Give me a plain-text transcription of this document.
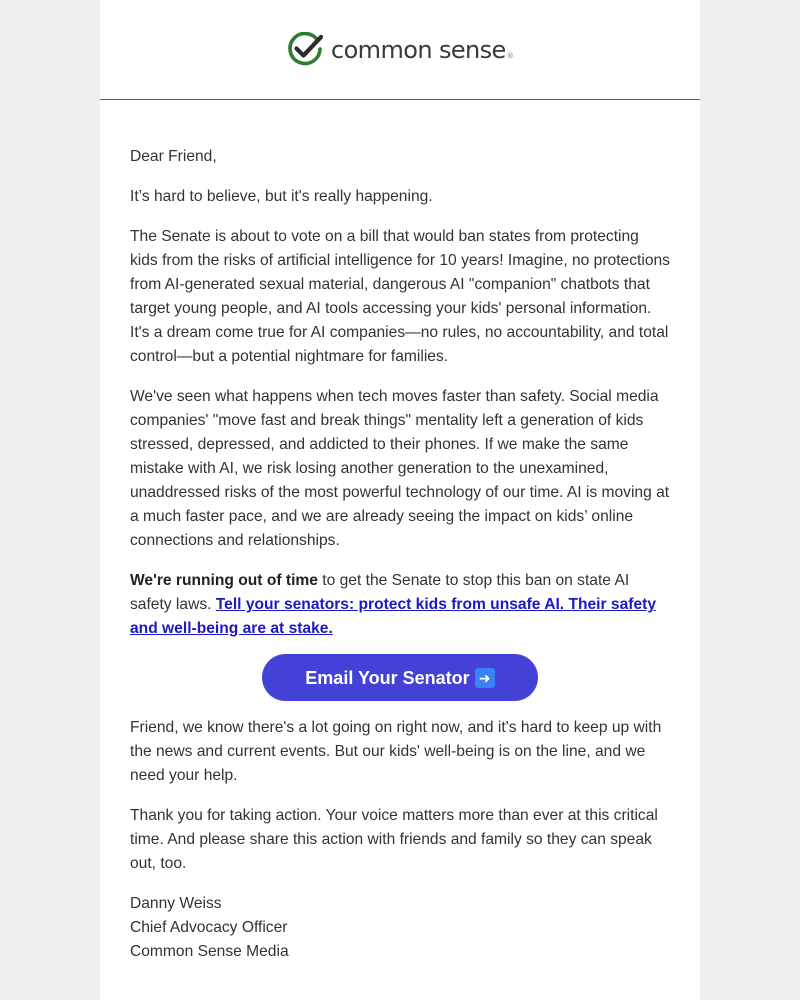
common sense®

Dear Friend,

It’s hard to believe, but it's really happening.

The Senate is about to vote on a bill that would ban states from protecting kids from the risks of artificial intelligence for 10 years! Imagine, no protections from AI-generated sexual material, dangerous AI "companion" chatbots that target young people, and AI tools accessing your kids' personal information. It's a dream come true for AI companies—no rules, no accountability, and total control—but a potential nightmare for families.

We've seen what happens when tech moves faster than safety. Social media companies' "move fast and break things" mentality left a generation of kids stressed, depressed, and addicted to their phones. If we make the same mistake with AI, we risk losing another generation to the unexamined, unaddressed risks of the most powerful technology of our time. AI is moving at a much faster pace, and we are already seeing the impact on kids’ online connections and relationships.

We're running out of time to get the Senate to stop this ban on state AI safety laws. Tell your senators: protect kids from unsafe AI. Their safety and well-being are at stake.

Email Your Senator ➜

Friend, we know there's a lot going on right now, and it's hard to keep up with the news and current events. But our kids' well-being is on the line, and we need your help.

Thank you for taking action. Your voice matters more than ever at this critical time. And please share this action with friends and family so they can speak out, too.

Danny Weiss
Chief Advocacy Officer
Common Sense Media
